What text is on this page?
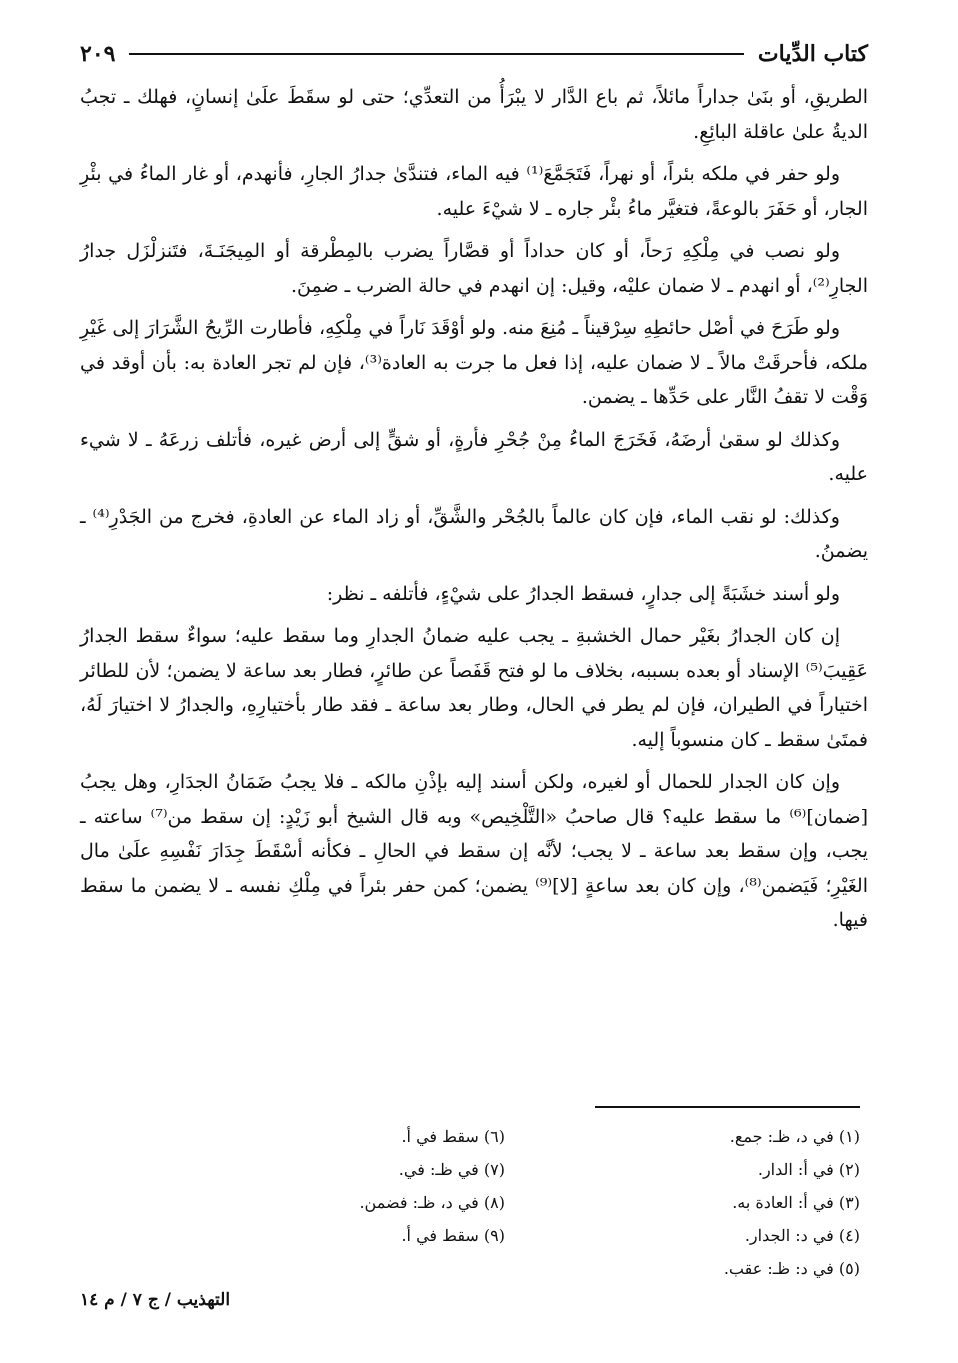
كتاب الدِّيات
٢٠٩

الطريقِ، أو بنَىٰ جداراً مائلاً، ثم باع الدَّار لا يبْرَأُ من التعدِّي؛ حتى لو سقَطَ علَىٰ إنسانٍ، فهلك ـ تجبُ الديةُ علىٰ عاقلة البائِعِ.

ولو حفر في ملكه بئراً، أو نهراً، فَتَجَمَّعَ⁽¹⁾ فيه الماء، فتندَّىٰ جدارُ الجارِ، فأنهدم، أو غار الماءُ في بئْرِ الجار، أو حَفَرَ بالوعةً، فتغيَّر ماءُ بئْر جاره ـ لا شيْءَ عليه.

ولو نصب في مِلْكِهِ رَحاً، أو كان حداداً أو قصَّاراً يضرب بالمِطْرقة أو المِيجَنَـةَ، فتَنزلْزَل جدارُ الجارِ⁽²⁾، أو انهدم ـ لا ضمان عليْه، وقيل: إن انهدم في حالة الضرب ـ ضمِنَ.

ولو طَرَحَ في أصْل حائطِهِ سِرْقيناً ـ مُنِعَ منه. ولو أوْقَدَ نَاراً في مِلْكِهِ، فأطارت الرِّيحُ الشَّرَارَ إلى غَيْرِ ملكه، فأحرقَتْ مالاً ـ لا ضمان عليه، إذا فعل ما جرت به العادة⁽³⁾، فإن لم تجر العادة به: بأن أوقد في وَقْت لا تقفُ النَّار على حَدِّها ـ يضمن.

وكذلك لو سقىٰ أرضَهُ، فَخَرَجَ الماءُ مِنْ جُحْرِ فأرةٍ، أو شقٍّ إلى أرض غيره، فأتلف زرعَهُ ـ لا شيء عليه.

وكذلك: لو نقب الماء، فإن كان عالماً بالجُحْر والشَّقِّ، أو زاد الماء عن العادةِ، فخرج من الجَدْرِ⁽⁴⁾ ـ يضمنُ.

ولو أسند خشَبَةً إلى جدارٍ، فسقط الجدارُ على شيْءٍ، فأتلفه ـ نظر:

إن كان الجدارُ بغَيْر حمال الخشبةِ ـ يجب عليه ضمانُ الجدارِ وما سقط عليه؛ سواءٌ سقط الجدارُ عَقِيبَ⁽⁵⁾ الإسناد أو بعده بسببه، بخلاف ما لو فتح قَفَصاً عن طائرٍ، فطار بعد ساعة لا يضمن؛ لأن للطائر اختياراً في الطيران، فإن لم يطر في الحال، وطار بعد ساعة ـ فقد طار بأختيارِهِ، والجدارُ لا اختيارَ لَهُ، فمتَىٰ سقط ـ كان منسوباً إليه.

وإن كان الجدار للحمال أو لغيره، ولكن أسند إليه بإذْنِ مالكه ـ فلا يجبُ ضَمَانُ الجدَارِ، وهل يجبُ [ضمان]⁽⁶⁾ ما سقط عليه؟ قال صاحبُ «التَّلْخِيص» وبه قال الشيخ أبو زَيْدٍ: إن سقط من⁽⁷⁾ ساعته ـ يجب، وإن سقط بعد ساعة ـ لا يجب؛ لأنَّه إن سقط في الحالِ ـ فكأنه أسْقَطَ جِدَارَ نَفْسِهِ علَىٰ مال الغَيْرِ؛ فَيَضمن⁽⁸⁾، وإن كان بعد ساعةٍ [لا]⁽⁹⁾ يضمن؛ كمن حفر بئراً في مِلْكِ نفسه ـ لا يضمن ما سقط فيها.

(١) في د، ظـ: جمع.
(٢) في أ: الدار.
(٣) في أ: العادة به.
(٤) في د: الجدار.
(٥) في د: ظـ: عقب.
(٦) سقط في أ.
(٧) في ظـ: في.
(٨) في د، ظـ: فضمن.
(٩) سقط في أ.
التهذيب / ج ٧ / م ١٤
